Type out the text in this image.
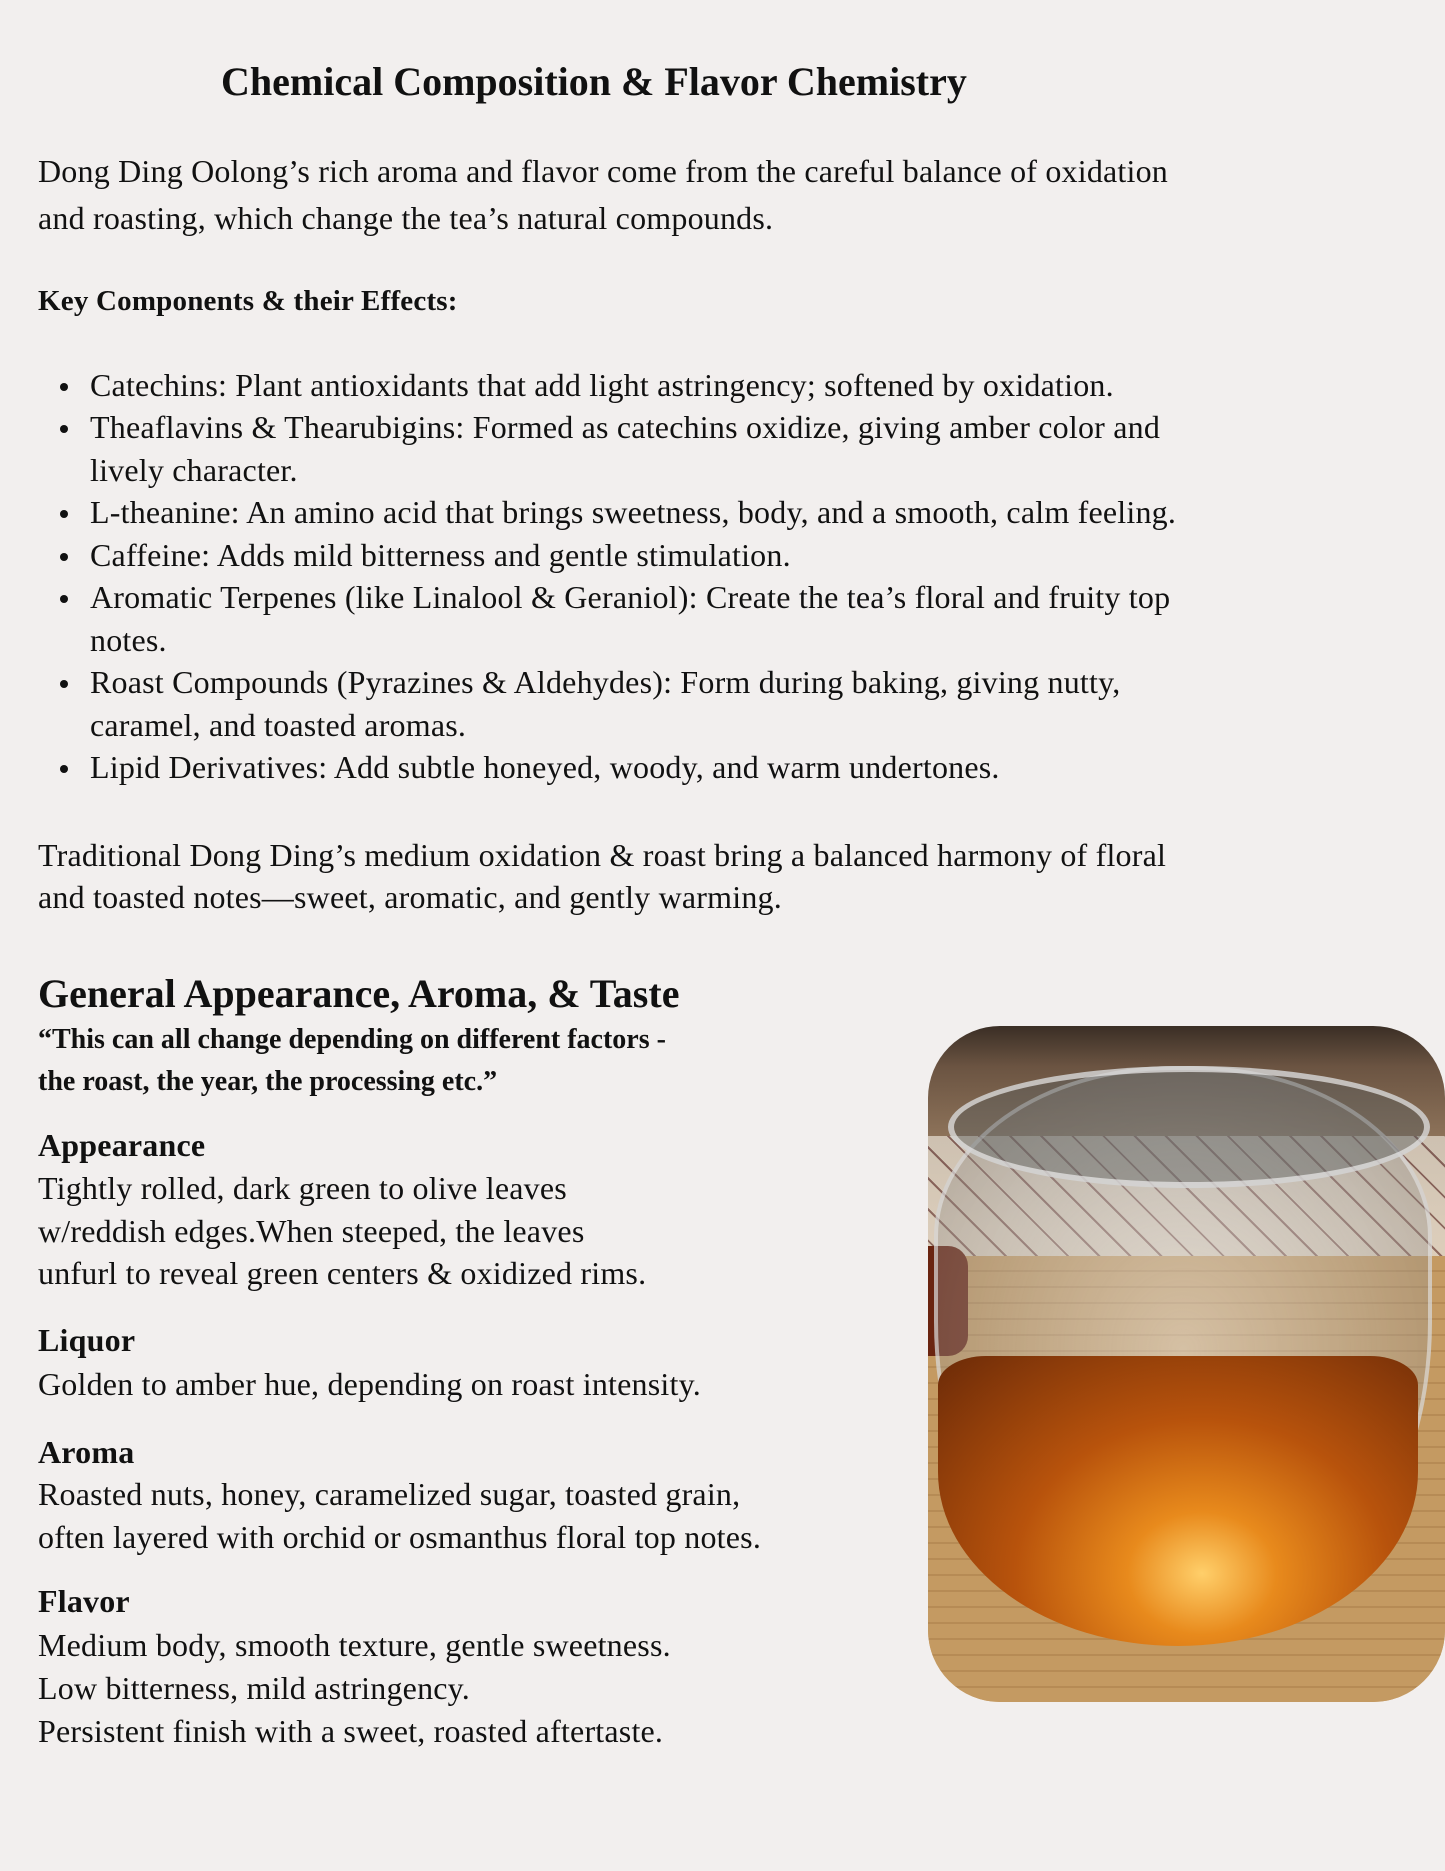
Chemical Composition & Flavor Chemistry
Dong Ding Oolong’s rich aroma and flavor come from the careful balance of oxidation
and roasting, which change the tea’s natural compounds.
Key Components & their Effects:
Catechins: Plant antioxidants that add light astringency; softened by oxidation.
Theaflavins & Thearubigins: Formed as catechins oxidize, giving amber color and
lively character.
L-theanine: An amino acid that brings sweetness, body, and a smooth, calm feeling.
Caffeine: Adds mild bitterness and gentle stimulation.
Aromatic Terpenes (like Linalool & Geraniol): Create the tea’s floral and fruity top
notes.
Roast Compounds (Pyrazines & Aldehydes): Form during baking, giving nutty,
caramel, and toasted aromas.
Lipid Derivatives: Add subtle honeyed, woody, and warm undertones.
Traditional Dong Ding’s medium oxidation & roast bring a balanced harmony of floral
and toasted notes—sweet, aromatic, and gently warming.
General Appearance, Aroma, & Taste
“This can all change depending on different factors -
the roast, the year, the processing etc.”
Appearance
Tightly rolled, dark green to olive leaves
w/reddish edges.When steeped, the leaves
unfurl to reveal green centers & oxidized rims.
Liquor
Golden to amber hue, depending on roast intensity.
Aroma
Roasted nuts, honey, caramelized sugar, toasted grain,
often layered with orchid or osmanthus floral top notes.
Flavor
Medium body, smooth texture, gentle sweetness.
Low bitterness, mild astringency.
Persistent finish with a sweet, roasted aftertaste.
